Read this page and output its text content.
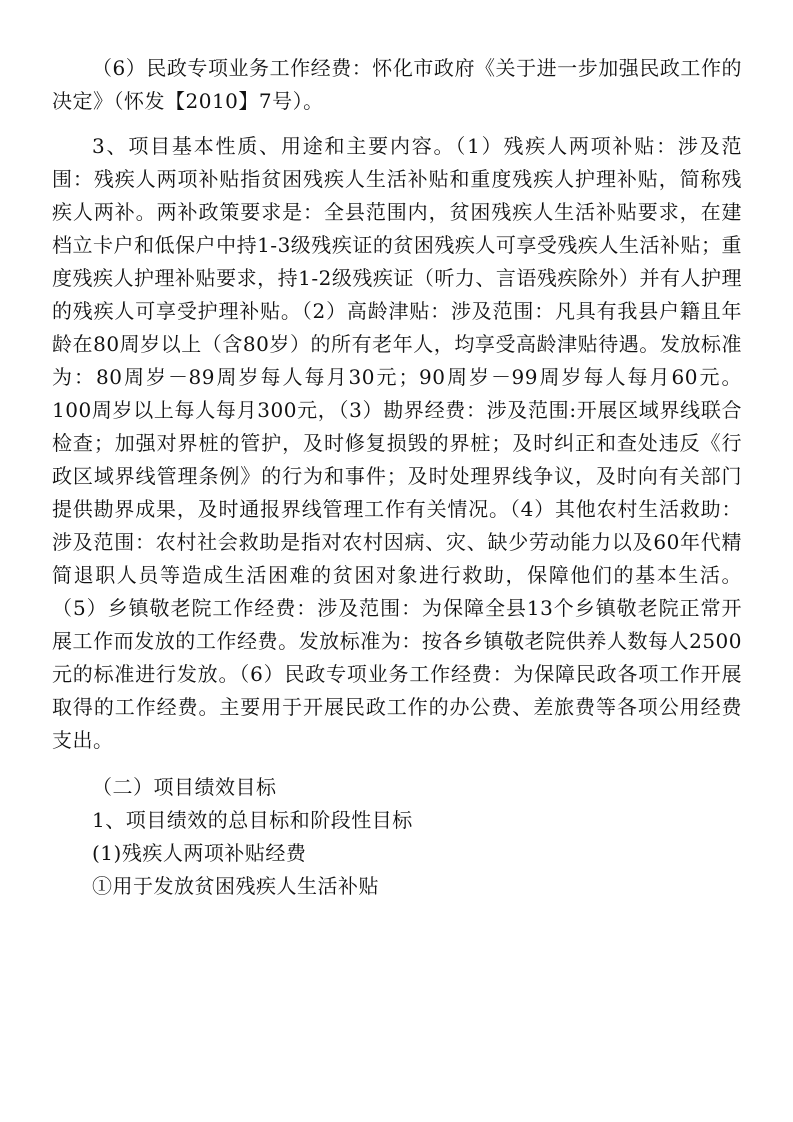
（6）民政专项业务工作经费：怀化市政府《关于进一步加强民政工作的决定》（怀发【2010】7号）。

3、项目基本性质、用途和主要内容。（1）残疾人两项补贴：涉及范围：残疾人两项补贴指贫困残疾人生活补贴和重度残疾人护理补贴，简称残疾人两补。两补政策要求是：全县范围内，贫困残疾人生活补贴要求，在建档立卡户和低保户中持1-3级残疾证的贫困残疾人可享受残疾人生活补贴；重度残疾人护理补贴要求，持1-2级残疾证（听力、言语残疾除外）并有人护理的残疾人可享受护理补贴。（2）高龄津贴：涉及范围：凡具有我县户籍且年龄在80周岁以上（含80岁）的所有老年人，均享受高龄津贴待遇。发放标准为：80周岁－89周岁每人每月30元；90周岁－99周岁每人每月60元。100周岁以上每人每月300元，（3）勘界经费：涉及范围:开展区域界线联合检查；加强对界桩的管护，及时修复损毁的界桩；及时纠正和查处违反《行政区域界线管理条例》的行为和事件；及时处理界线争议，及时向有关部门提供勘界成果，及时通报界线管理工作有关情况。（4）其他农村生活救助：涉及范围：农村社会救助是指对农村因病、灾、缺少劳动能力以及60年代精简退职人员等造成生活困难的贫困对象进行救助，保障他们的基本生活。（5）乡镇敬老院工作经费：涉及范围：为保障全县13个乡镇敬老院正常开展工作而发放的工作经费。发放标准为：按各乡镇敬老院供养人数每人2500元的标准进行发放。（6）民政专项业务工作经费：为保障民政各项工作开展取得的工作经费。主要用于开展民政工作的办公费、差旅费等各项公用经费支出。

（二）项目绩效目标

1、项目绩效的总目标和阶段性目标

(1)残疾人两项补贴经费

①用于发放贫困残疾人生活补贴
